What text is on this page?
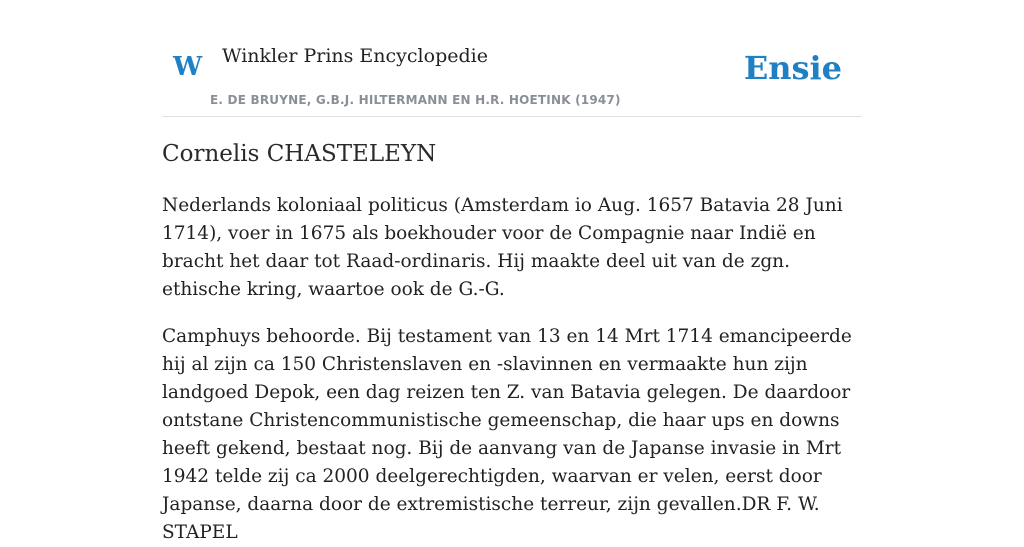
W Winkler Prins Encyclopedie
E. DE BRUYNE, G.B.J. HILTERMANN EN H.R. HOETINK (1947)
Ensie
Cornelis CHASTELEYN

Nederlands koloniaal politicus (Amsterdam io Aug. 1657 Batavia 28 Juni 1714), voer in 1675 als boekhouder voor de Compagnie naar Indië en bracht het daar tot Raad-ordinaris. Hij maakte deel uit van de zgn. ethische kring, waartoe ook de G.-G.

Camphuys behoorde. Bij testament van 13 en 14 Mrt 1714 emancipeerde hij al zijn ca 150 Christenslaven en -slavinnen en vermaakte hun zijn landgoed Depok, een dag reizen ten Z. van Batavia gelegen. De daardoor ontstane Christencommunistische gemeenschap, die haar ups en downs heeft gekend, bestaat nog. Bij de aanvang van de Japanse invasie in Mrt 1942 telde zij ca 2000 deelgerechtigden, waarvan er velen, eerst door Japanse, daarna door de extremistische terreur, zijn gevallen.DR F. W. STAPEL
